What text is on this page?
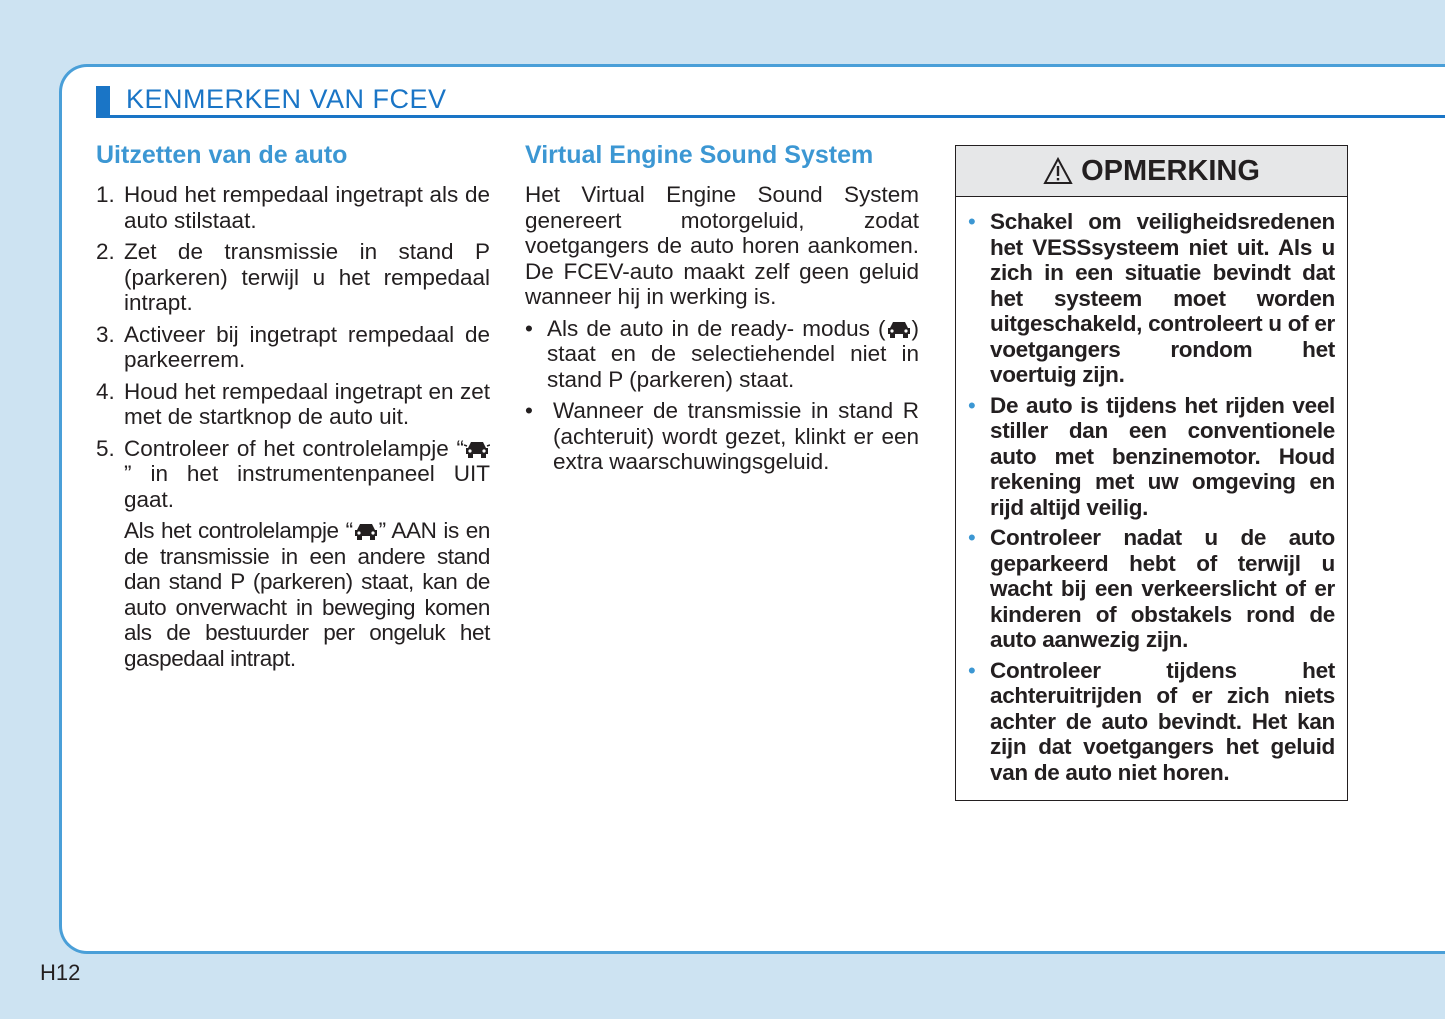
KENMERKEN VAN FCEV
Uitzetten van de auto
1. Houd het rempedaal ingetrapt als de auto stilstaat.
2. Zet de transmissie in stand P (parkeren) terwijl u het rempedaal intrapt.
3. Activeer bij ingetrapt rempedaal de parkeerrem.
4. Houd het rempedaal ingetrapt en zet met de startknop de auto uit.
5. Controleer of het controlelampje “” in het instrumentenpaneel UIT gaat.
Als het controlelampje “ ” AAN is en de transmissie in een andere stand dan stand P (parkeren) staat, kan de auto onverwacht in beweging komen als de bestuurder per ongeluk het gaspedaal intrapt.
Virtual Engine Sound System

Het Virtual Engine Sound System genereert motorgeluid, zodat voetgangers de auto horen aankomen. De FCEV-auto maakt zelf geen geluid wanneer hij in werking is.

• Als de auto in de ready- modus ( ) staat en de selectiehendel niet in stand P (parkeren) staat.
• Wanneer de transmissie in stand R (achteruit) wordt gezet, klinkt er een extra waarschuwingsgeluid.
OPMERKING
• Schakel om veiligheidsredenen het VESSsysteem niet uit. Als u zich in een situatie bevindt dat het systeem moet worden uitgeschakeld, controleert u of er voetgangers rondom het voertuig zijn.
• De auto is tijdens het rijden veel stiller dan een conventionele auto met benzinemotor. Houd rekening met uw omgeving en rijd altijd veilig.
• Controleer nadat u de auto geparkeerd hebt of terwijl u wacht bij een verkeerslicht of er kinderen of obstakels rond de auto aanwezig zijn.
• Controleer tijdens het achteruitrijden of er zich niets achter de auto bevindt. Het kan zijn dat voetgangers het geluid van de auto niet horen.
H12
